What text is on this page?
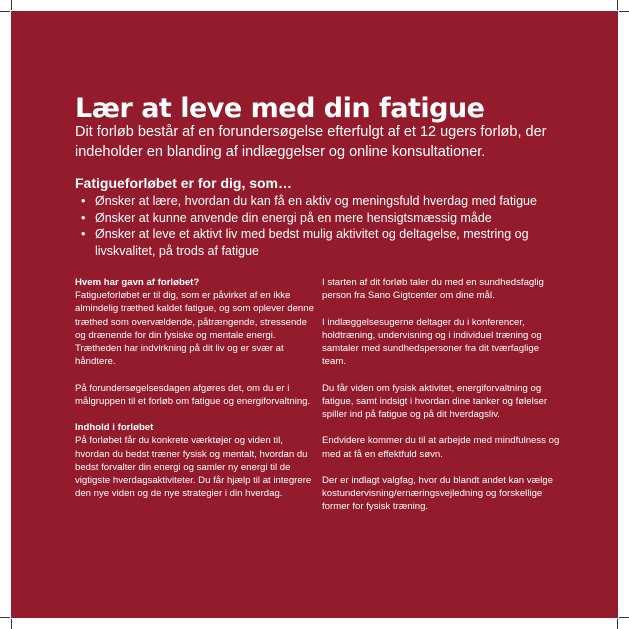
Lær at leve med din fatigue

Dit forløb består af en forundersøgelse efterfulgt af et 12 ugers forløb, der indeholder en blanding af indlæggelser og online konsultationer.

Fatigueforløbet er for dig, som…
• Ønsker at lære, hvordan du kan få en aktiv og meningsfuld hverdag med fatigue
• Ønsker at kunne anvende din energi på en mere hensigtsmæssig måde
• Ønsker at leve et aktivt liv med bedst mulig aktivitet og deltagelse, mestring og livskvalitet, på trods af fatigue
Hvem har gavn af forløbet?

Fatigueforløbet er til dig, som er påvirket af en ikke almindelig træthed kaldet fatigue, og som oplever denne træthed som overvældende, påtrængende, stressende og drænende for din fysiske og mentale energi. Trætheden har indvirkning på dit liv og er svær at håndtere.

På forundersøgelsesdagen afgøres det, om du er i målgruppen til et forløb om fatigue og energiforvaltning.

Indhold i forløbet

På forløbet får du konkrete værktøjer og viden til, hvordan du bedst træner fysisk og mentalt, hvordan du bedst forvalter din energi og samler ny energi til de vigtigste hverdagsaktiviteter. Du får hjælp til at integrere den nye viden og de nye strategier i din hverdag.

I starten af dit forløb taler du med en sundhedsfaglig person fra Sano Gigtcenter om dine mål.

I indlæggelsesugerne deltager du i konferencer, holdtræning, undervisning og i individuel træning og samtaler med sundhedspersoner fra dit tværfaglige team.

Du får viden om fysisk aktivitet, energiforvaltning og fatigue, samt indsigt i hvordan dine tanker og følelser spiller ind på fatigue og på dit hverdagsliv.

Endvidere kommer du til at arbejde med mindfulness og med at få en effektfuld søvn.

Der er indlagt valgfag, hvor du blandt andet kan vælge kostundervisning/ernæringsvejledning og forskellige former for fysisk træning.
